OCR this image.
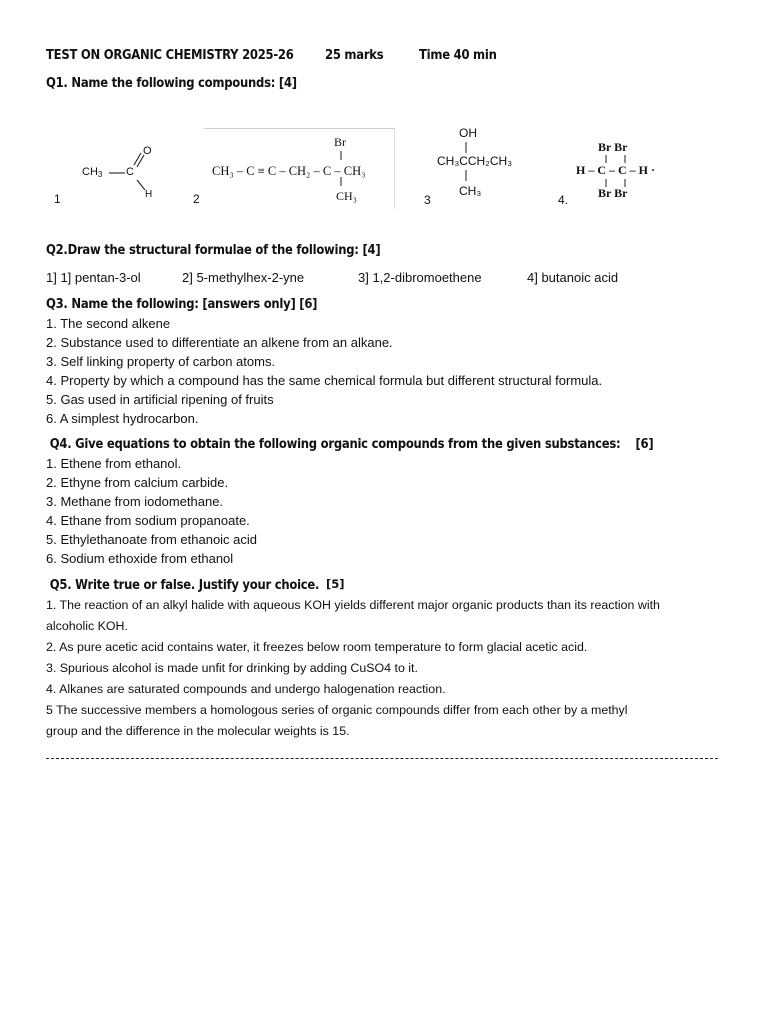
TEST ON ORGANIC CHEMISTRY 2025-26 25 marks	Time 40 min
Q1. Name the following compounds: [4]
1
$CH_3$ C
O
H	2
Br
CH₃ – C ≡ C – CH₂ – C – CH₃
CH₃	3
OH
CH₃CCH₂CH₃
CH₃
4.
Br Br
H – C – C – H ·
Br Br
Q2.Draw the structural formulae of the following: [4]
1] 1] pentan-3-ol	2] 5-methylhex-2-yne	3] 1,2-dibromoethene	4] butanoic acid
Q3. Name the following: [answers only] [6]
1. The second alkene
2. Substance used to differentiate an alkene from an alkane.
3. Self linking property of carbon atoms.
4. Property by which a compound has the same chemical formula but different structural formula.
5. Gas used in artificial ripening of fruits
6. A simplest hydrocarbon.
Q4. Give equations to obtain the following organic compounds from the given substances:    [6]
1. Ethene from ethanol.
2. Ethyne from calcium carbide.
3. Methane from iodomethane.
4. Ethane from sodium propanoate.
5. Ethylethanoate from ethanoic acid
6. Sodium ethoxide from ethanol
Q5. Write true or false. Justify your choice. [5]
1. The reaction of an alkyl halide with aqueous KOH yields different major organic products than its reaction with
alcoholic KOH.
2. As pure acetic acid contains water, it freezes below room temperature to form glacial acetic acid.
3. Spurious alcohol is made unfit for drinking by adding CuSO4 to it.
4. Alkanes are saturated compounds and undergo halogenation reaction.
5 The successive members a homologous series of organic compounds differ from each other by a methyl
group and the difference in the molecular weights is 15.
